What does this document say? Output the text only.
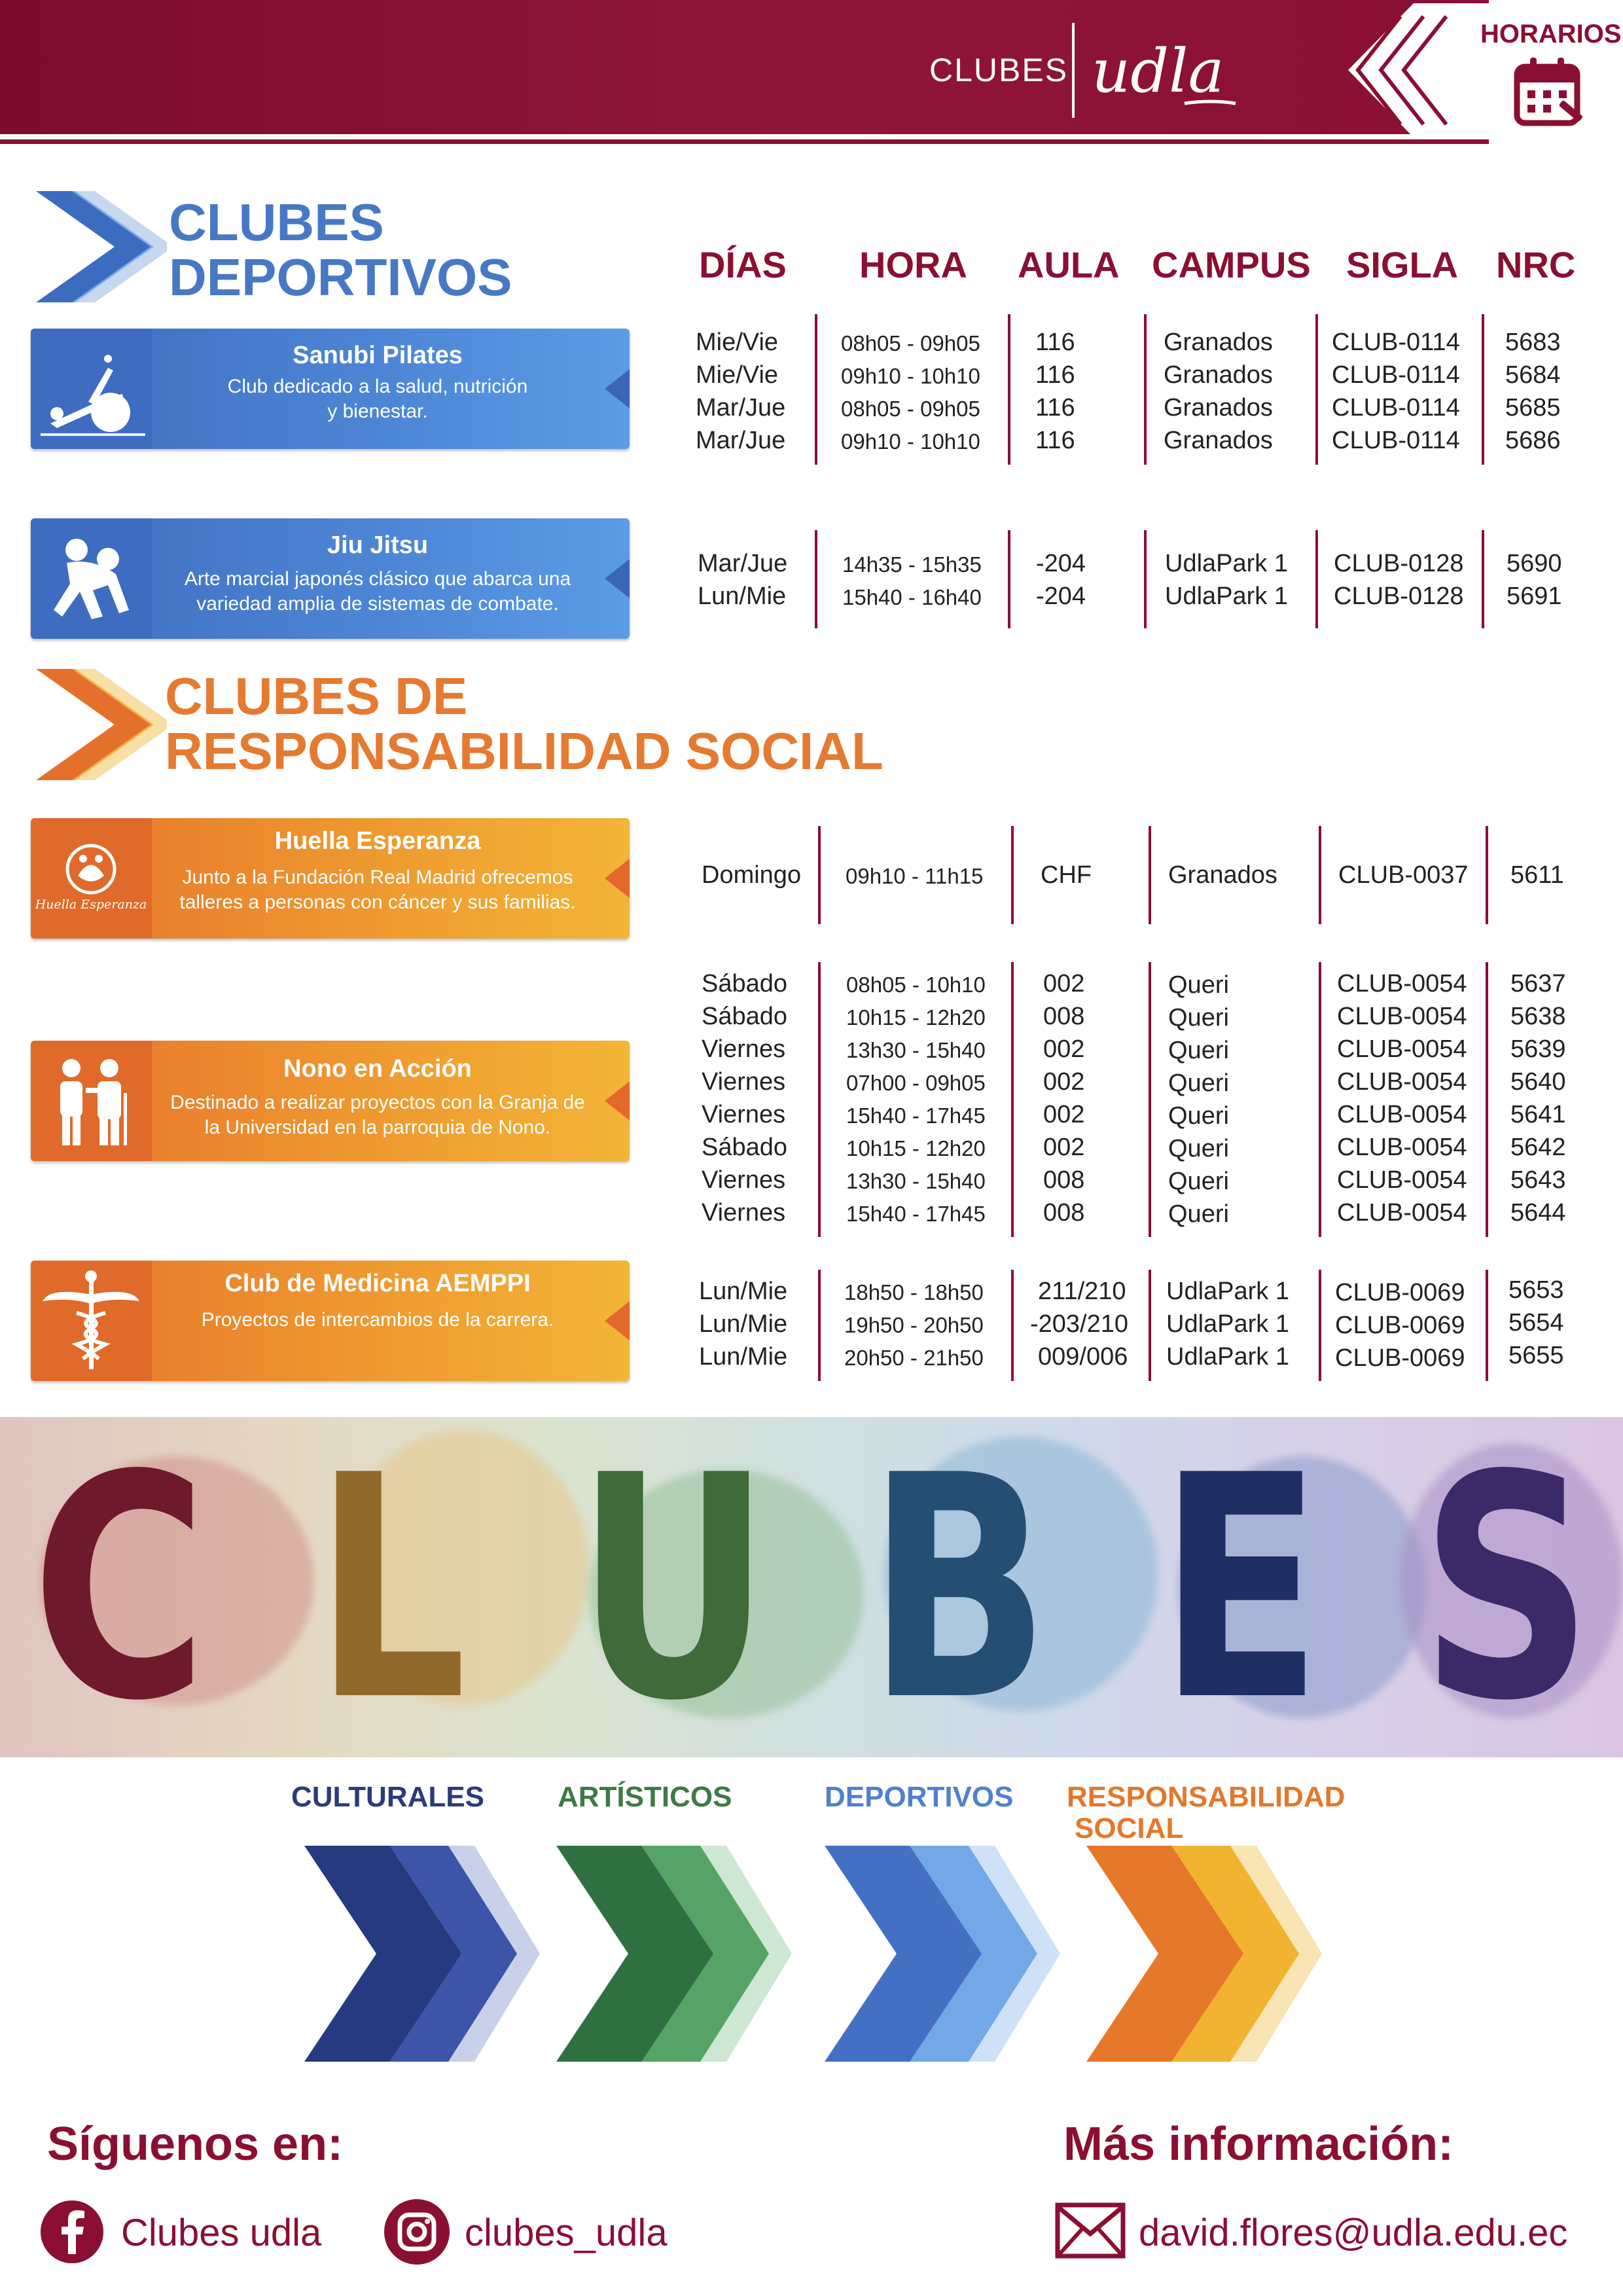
CLUBES udla
HORARIOS
CLUBES
DEPORTIVOS	DÍAS HORA AULA CAMPUS SIGLA NRC
Sanubi Pilates
Club dedicado a la salud, nutrición
y bienestar.
Mie/Vie	08h05 - 09h05 116	Granados CLUB-0114 5683
Mie/Vie	09h10 - 10h10 116	Granados CLUB-0114 5684
Mar/Jue	08h05 - 09h05 116	Granados CLUB-0114 5685
Mar/Jue	09h10 - 10h10 116	Granados CLUB-0114 5686
Jiu Jitsu
Arte marcial japonés clásico que abarca una
variedad amplia de sistemas de combate.
Mar/Jue	14h35 - 15h35 -204	UdlaPark 1 CLUB-0128 5690
Lun/Mie	15h40 - 16h40 -204	UdlaPark 1 CLUB-0128 5691
CLUBES DE
RESPONSABILIDAD SOCIAL
Huella Esperanza
Huella Esperanza
Junto a la Fundación Real Madrid ofrecemos
talleres a personas con cáncer y sus familias.
Domingo 09h10 - 11h15 CHF	Granados CLUB-0037 5611
Nono en Acción
Destinado a realizar proyectos con la Granja de
la Universidad en la parroquia de Nono.
Sábado	08h05 - 10h10 002	Queri	CLUB-0054 5637
Sábado	10h15 - 12h20 008	Queri	CLUB-0054 5638
Viernes	13h30 - 15h40 002	Queri	CLUB-0054 5639
Viernes	07h00 - 09h05 002	Queri	CLUB-0054 5640
Viernes	15h40 - 17h45 002	Queri	CLUB-0054 5641
Sábado	10h15 - 12h20 002	Queri	CLUB-0054 5642
Viernes	13h30 - 15h40 008	Queri	CLUB-0054 5643
Viernes	15h40 - 17h45 008	Queri	CLUB-0054 5644
Club de Medicina AEMPPI
Proyectos de intercambios de la carrera.
Lun/Mie	18h50 - 18h50 211/210 UdlaPark 1 CLUB-0069 5653
Lun/Mie	19h50 - 20h50 -203/210 UdlaPark 1 CLUB-0069 5654
Lun/Mie	20h50 - 21h50 009/006 UdlaPark 1 CLUB-0069 5655
C L U B E S
CULTURALES	ARTÍSTICOS	DEPORTIVOS RESPONSABILIDAD
SOCIAL
Síguenos en:	Más información:
Clubes udla	clubes_udla	david.flores@udla.edu.ec
